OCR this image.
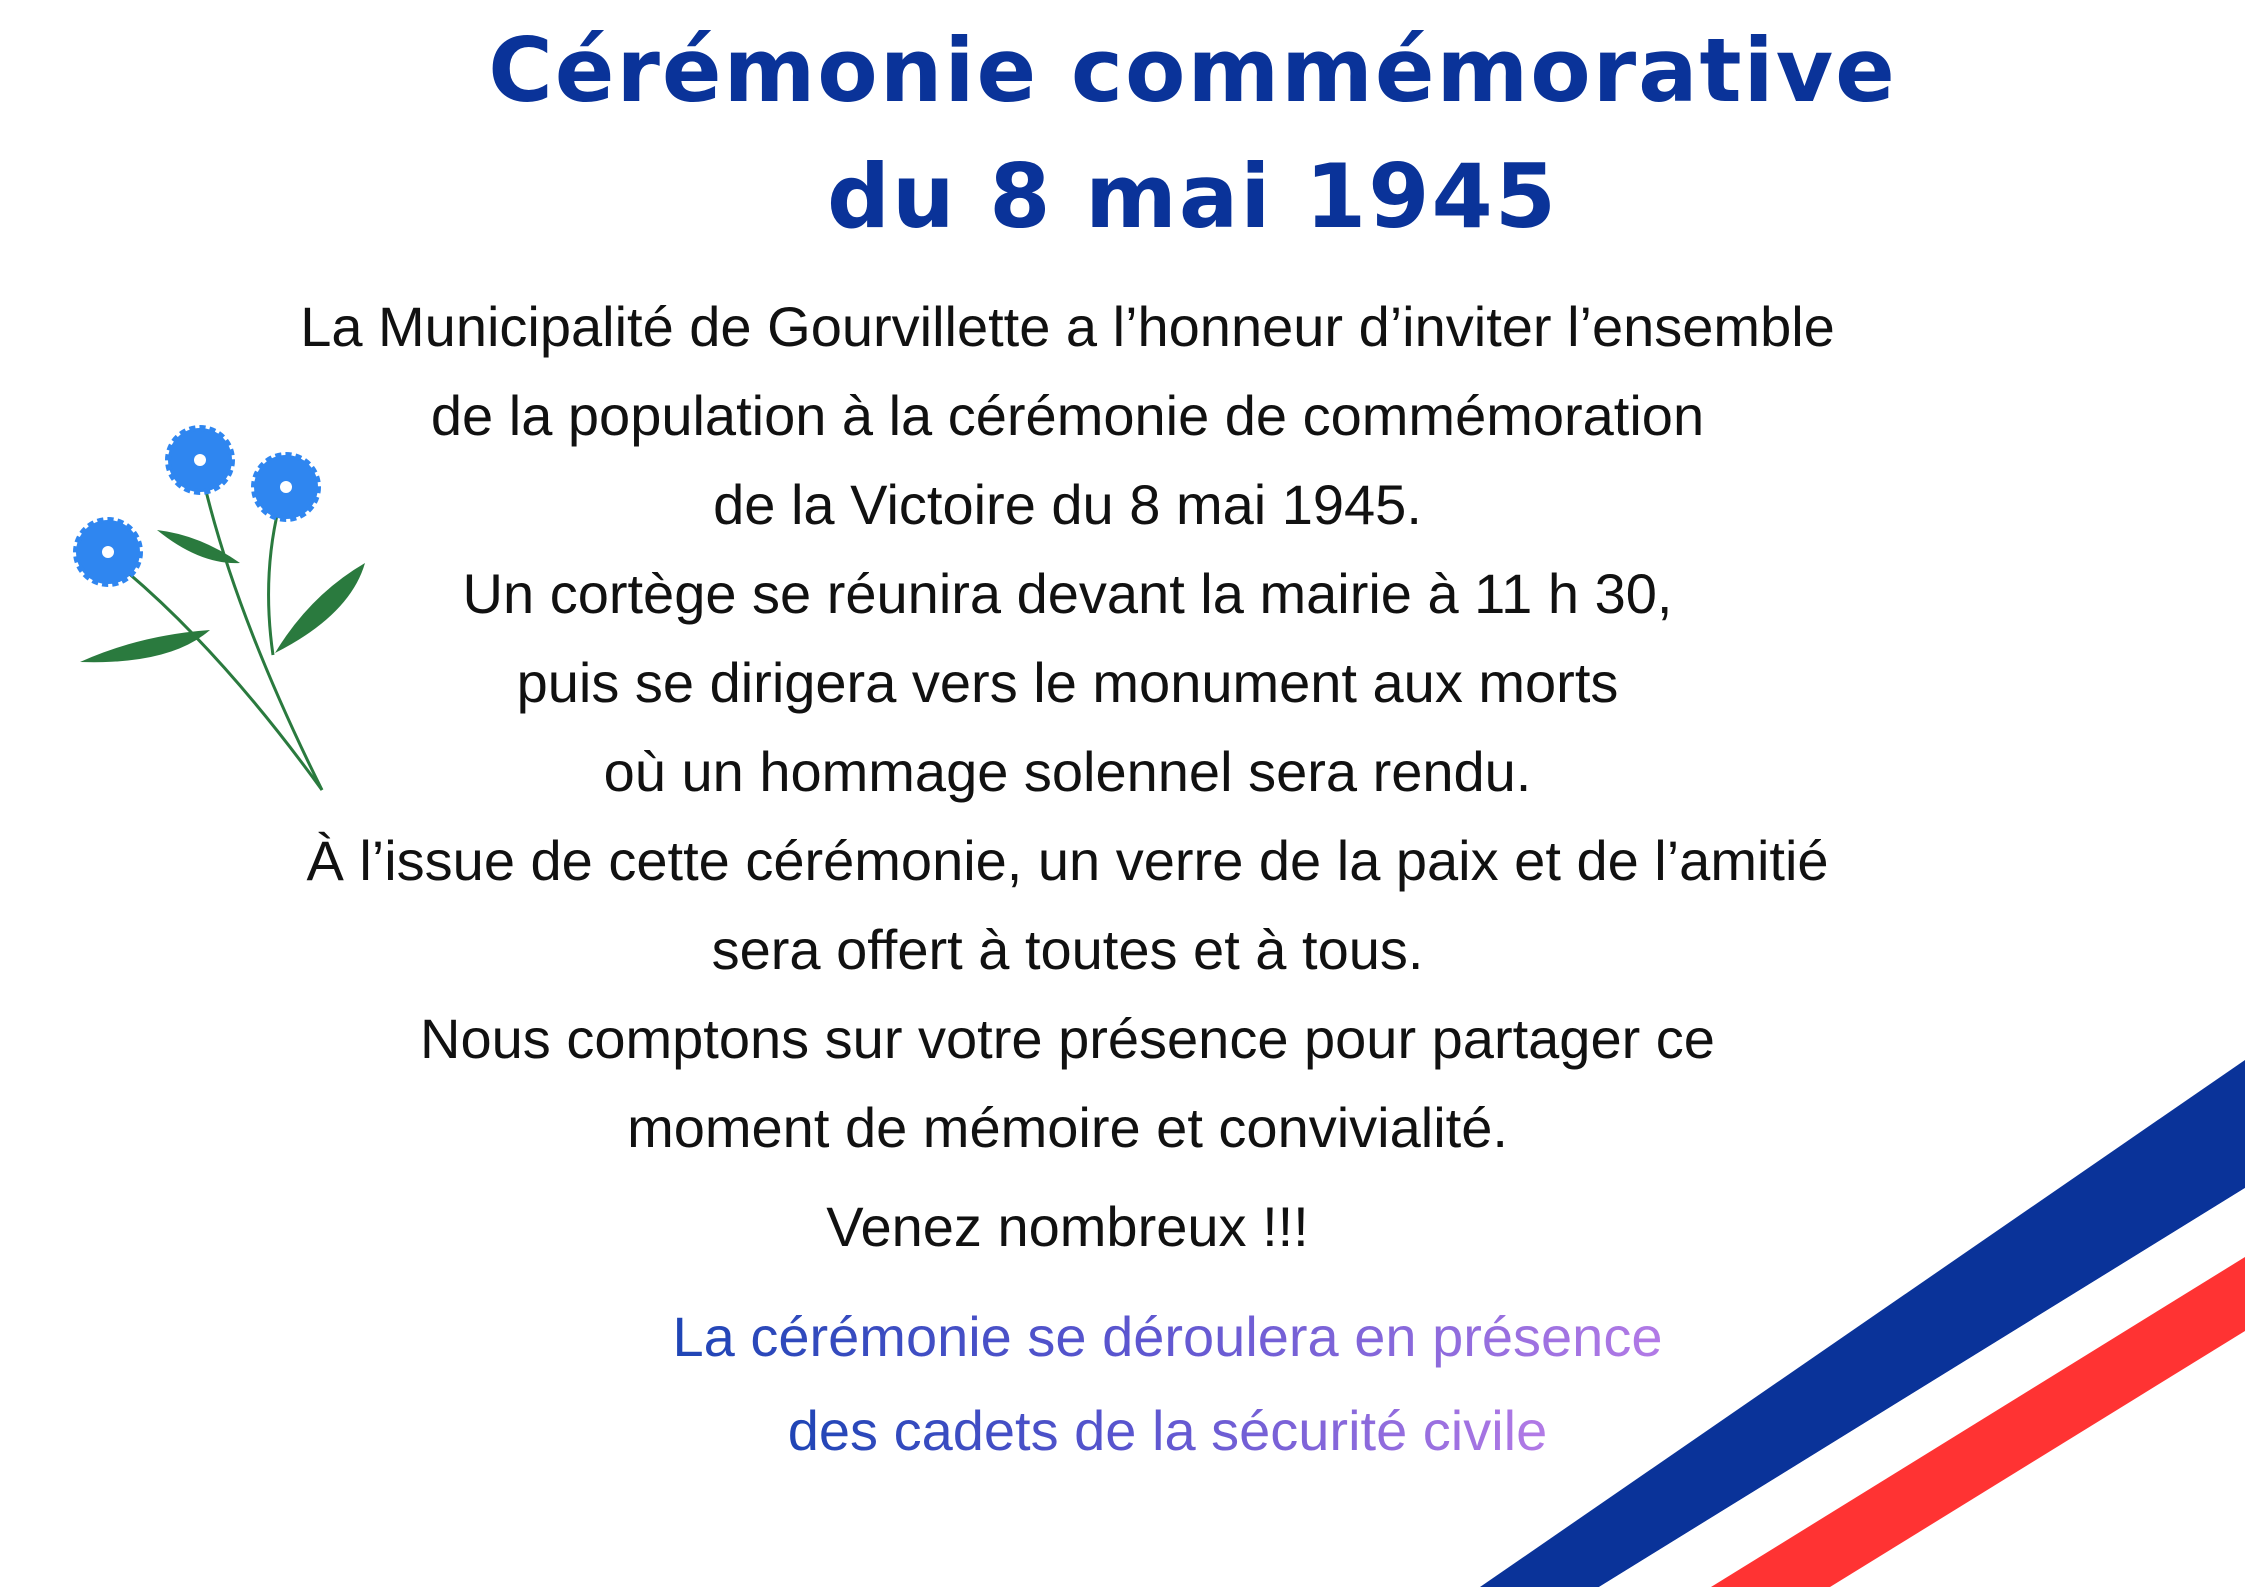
Cérémonie commémorative
du 8 mai 1945
La Municipalité de Gourvillette a l’honneur d’inviter l’ensemble
de la population à la cérémonie de commémoration
de la Victoire du 8 mai 1945.
Un cortège se réunira devant la mairie à 11 h 30,
puis se dirigera vers le monument aux morts
où un hommage solennel sera rendu.
À l’issue de cette cérémonie, un verre de la paix et de l’amitié
sera offert à toutes et à tous.
Nous comptons sur votre présence pour partager ce
moment de mémoire et convivialité.
Venez nombreux !!!
La cérémonie se déroulera en présence
des cadets de la sécurité civile
